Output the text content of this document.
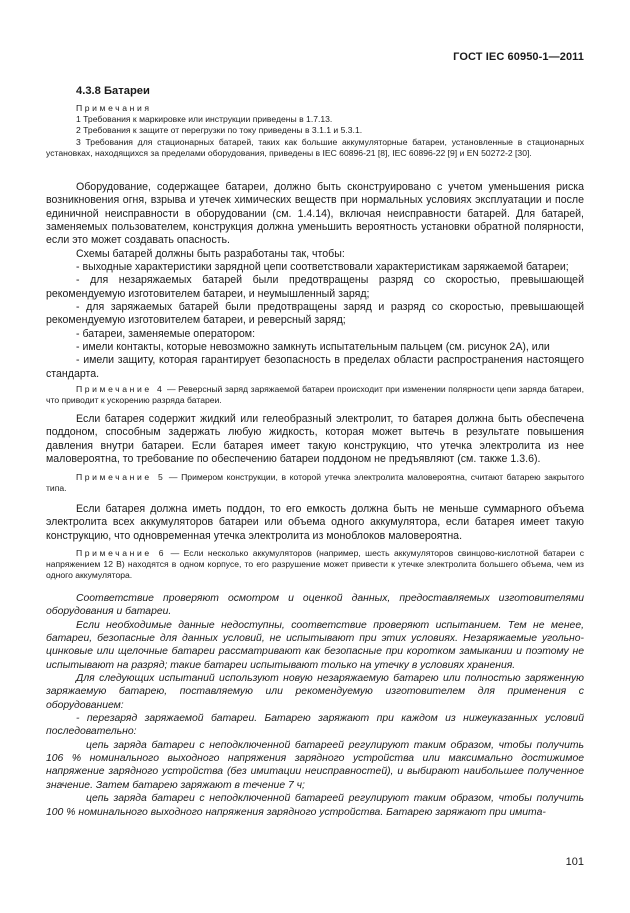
ГОСТ IEC 60950-1—2011
4.3.8 Батареи

Примечания

1 Требования к маркировке или инструкции приведены в 1.7.13.

2 Требования к защите от перегрузки по току приведены в 3.1.1 и 5.3.1.

3 Требования для стационарных батарей, таких как большие аккумуляторные батареи, установленные в стационарных установках, находящихся за пределами оборудования, приведены в IEC 60896-21 [8], IEC 60896-22 [9] и EN 50272-2 [30].

Оборудование, содержащее батареи, должно быть сконструировано с учетом уменьшения риска возникновения огня, взрыва и утечек химических веществ при нормальных условиях эксплуатации и после единичной неисправности в оборудовании (см. 1.4.14), включая неисправности батарей. Для батарей, заменяемых пользователем, конструкция должна уменьшить вероятность установки обратной полярности, если это может создавать опасность.

Схемы батарей должны быть разработаны так, чтобы:

- выходные характеристики зарядной цепи соответствовали характеристикам заряжаемой батареи;

- для незаряжаемых батарей были предотвращены разряд со скоростью, превышающей рекомендуемую изготовителем батареи, и неумышленный заряд;

- для заряжаемых батарей были предотвращены заряд и разряд со скоростью, превышающей рекомендуемую изготовителем батареи, и реверсный заряд;

- батареи, заменяемые оператором:

- имели контакты, которые невозможно замкнуть испытательным пальцем (см. рисунок 2А), или

- имели защиту, которая гарантирует безопасность в пределах области распространения настоящего стандарта.

Примечание 4 — Реверсный заряд заряжаемой батареи происходит при изменении полярности цепи заряда батареи, что приводит к ускорению разряда батареи.

Если батарея содержит жидкий или гелеобразный электролит, то батарея должна быть обеспечена поддоном, способным задержать любую жидкость, которая может вытечь в результате повышения давления внутри батареи. Если батарея имеет такую конструкцию, что утечка электролита из нее маловероятна, то требование по обеспечению батареи поддоном не предъявляют (см. также 1.3.6).

Примечание 5 — Примером конструкции, в которой утечка электролита маловероятна, считают батарею закрытого типа.

Если батарея должна иметь поддон, то его емкость должна быть не меньше суммарного объема электролита всех аккумуляторов батареи или объема одного аккумулятора, если батарея имеет такую конструкцию, что одновременная утечка электролита из моноблоков маловероятна.

Примечание 6 — Если несколько аккумуляторов (например, шесть аккумуляторов свинцово-кислотной батареи с напряжением 12 В) находятся в одном корпусе, то его разрушение может привести к утечке электролита большего объема, чем из одного аккумулятора.

Соответствие проверяют осмотром и оценкой данных, предоставляемых изготовителями оборудования и батареи.

Если необходимые данные недоступны, соответствие проверяют испытанием. Тем не менее, батареи, безопасные для данных условий, не испытывают при этих условиях. Незаряжаемые угольно-цинковые или щелочные батареи рассматривают как безопасные при коротком замыкании и поэтому не испытывают на разряд; такие батареи испытывают только на утечку в условиях хранения.

Для следующих испытаний используют новую незаряжаемую батарею или полностью заряженную заряжаемую батарею, поставляемую или рекомендуемую изготовителем для применения с оборудованием:

- перезаряд заряжаемой батареи. Батарею заряжают при каждом из нижеуказанных условий последовательно:

цепь заряда батареи с неподключенной батареей регулируют таким образом, чтобы получить 106 % номинального выходного напряжения зарядного устройства или максимально достижимое напряжение зарядного устройства (без имитации неисправностей), и выбирают наибольшее полученное значение. Затем батарею заряжают в течение 7 ч;

цепь заряда батареи с неподключенной батареей регулируют таким образом, чтобы получить 100 % номинального выходного напряжения зарядного устройства. Батарею заряжают при имита-

101
